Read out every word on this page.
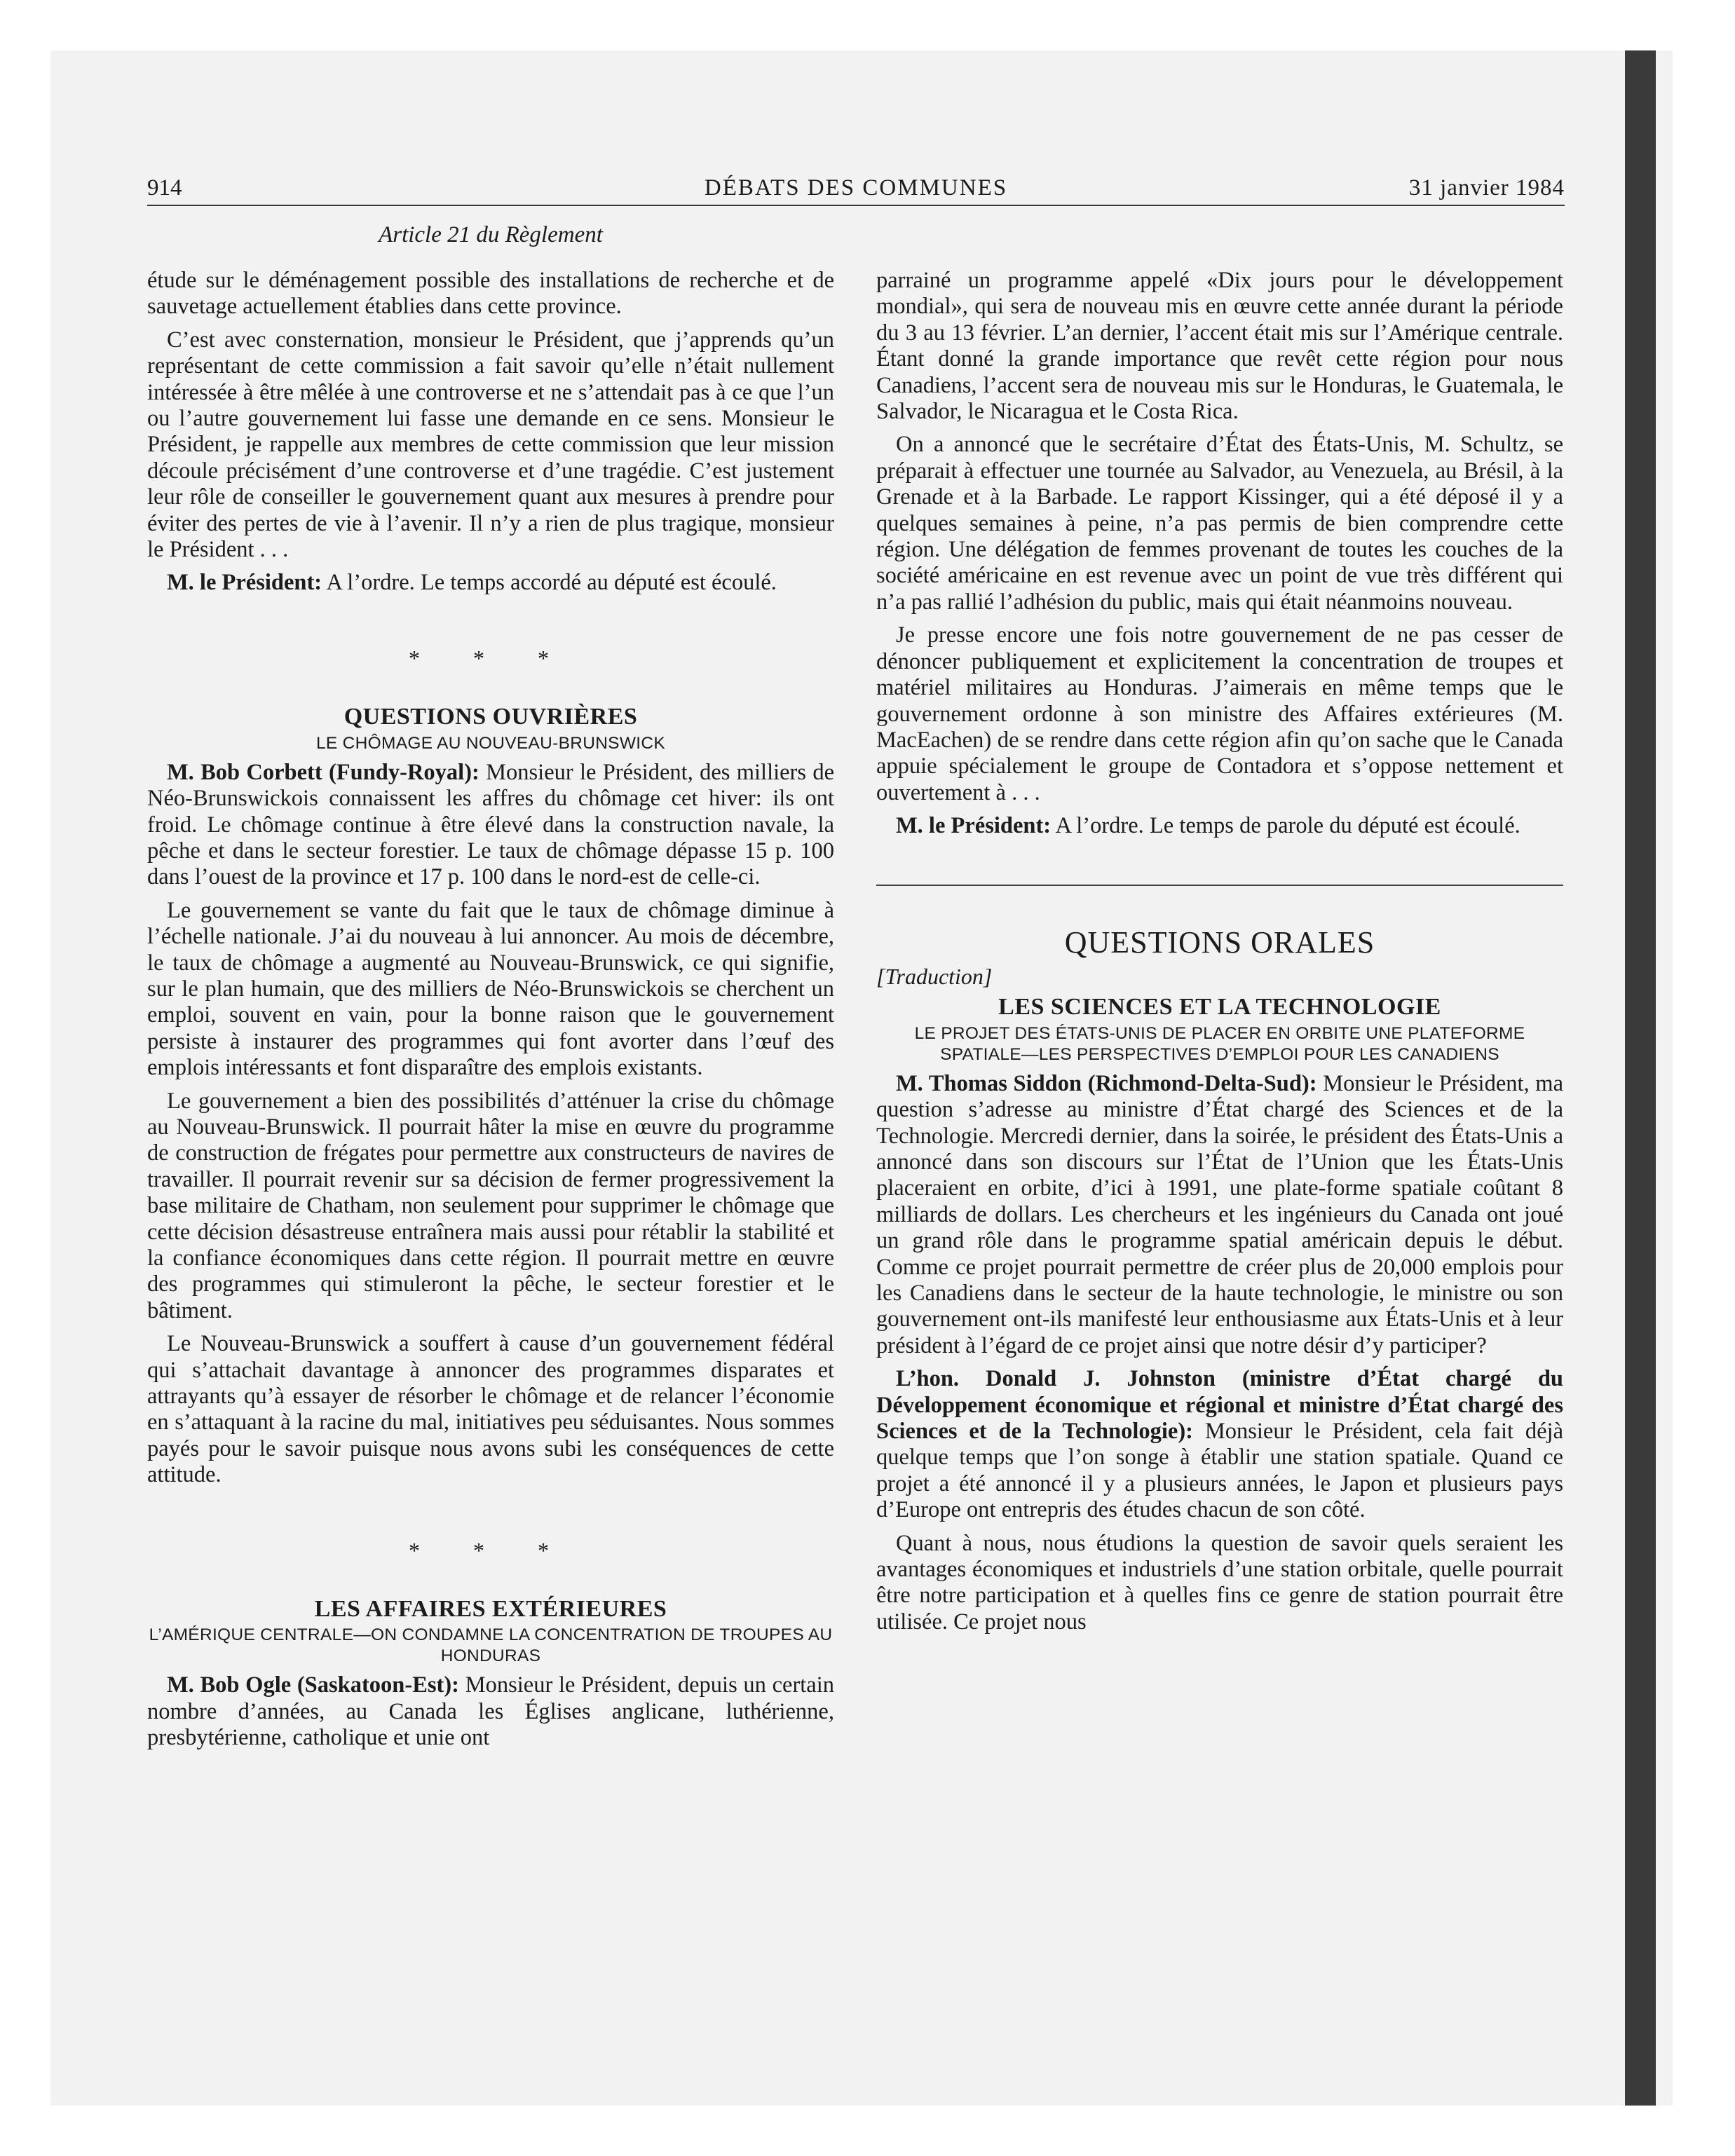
914	DÉBATS DES COMMUNES	31 janvier 1984
Article 21 du Règlement

étude sur le déménagement possible des installations de recherche et de sauvetage actuellement établies dans cette province.

C’est avec consternation, monsieur le Président, que j’apprends qu’un représentant de cette commission a fait savoir qu’elle n’était nullement intéressée à être mêlée à une controverse et ne s’attendait pas à ce que l’un ou l’autre gouvernement lui fasse une demande en ce sens. Monsieur le Président, je rappelle aux membres de cette commission que leur mission découle précisément d’une controverse et d’une tragédie. C’est justement leur rôle de conseiller le gouvernement quant aux mesures à prendre pour éviter des pertes de vie à l’avenir. Il n’y a rien de plus tragique, monsieur le Président . . .

M. le Président: A l’ordre. Le temps accordé au député est écoulé.

* * *
QUESTIONS OUVRIÈRES
LE CHÔMAGE AU NOUVEAU-BRUNSWICK

M. Bob Corbett (Fundy-Royal): Monsieur le Président, des milliers de Néo-Brunswickois connaissent les affres du chômage cet hiver: ils ont froid. Le chômage continue à être élevé dans la construction navale, la pêche et dans le secteur forestier. Le taux de chômage dépasse 15 p. 100 dans l’ouest de la province et 17 p. 100 dans le nord-est de celle-ci.

Le gouvernement se vante du fait que le taux de chômage diminue à l’échelle nationale. J’ai du nouveau à lui annoncer. Au mois de décembre, le taux de chômage a augmenté au Nouveau-Brunswick, ce qui signifie, sur le plan humain, que des milliers de Néo-Brunswickois se cherchent un emploi, souvent en vain, pour la bonne raison que le gouvernement persiste à instaurer des programmes qui font avorter dans l’œuf des emplois intéressants et font disparaître des emplois existants.

Le gouvernement a bien des possibilités d’atténuer la crise du chômage au Nouveau-Brunswick. Il pourrait hâter la mise en œuvre du programme de construction de frégates pour permettre aux constructeurs de navires de travailler. Il pourrait revenir sur sa décision de fermer progressivement la base militaire de Chatham, non seulement pour supprimer le chômage que cette décision désastreuse entraînera mais aussi pour rétablir la stabilité et la confiance économiques dans cette région. Il pourrait mettre en œuvre des programmes qui stimuleront la pêche, le secteur forestier et le bâtiment.

Le Nouveau-Brunswick a souffert à cause d’un gouvernement fédéral qui s’attachait davantage à annoncer des programmes disparates et attrayants qu’à essayer de résorber le chômage et de relancer l’économie en s’attaquant à la racine du mal, initiatives peu séduisantes. Nous sommes payés pour le savoir puisque nous avons subi les conséquences de cette attitude.

* * *
LES AFFAIRES EXTÉRIEURES
L’AMÉRIQUE CENTRALE—ON CONDAMNE LA CONCENTRATION DE TROUPES AU HONDURAS

M. Bob Ogle (Saskatoon-Est): Monsieur le Président, depuis un certain nombre d’années, au Canada les Églises anglicane, luthérienne, presbytérienne, catholique et unie ont

parrainé un programme appelé «Dix jours pour le développement mondial», qui sera de nouveau mis en œuvre cette année durant la période du 3 au 13 février. L’an dernier, l’accent était mis sur l’Amérique centrale. Étant donné la grande importance que revêt cette région pour nous Canadiens, l’accent sera de nouveau mis sur le Honduras, le Guatemala, le Salvador, le Nicaragua et le Costa Rica.

On a annoncé que le secrétaire d’État des États-Unis, M. Schultz, se préparait à effectuer une tournée au Salvador, au Venezuela, au Brésil, à la Grenade et à la Barbade. Le rapport Kissinger, qui a été déposé il y a quelques semaines à peine, n’a pas permis de bien comprendre cette région. Une délégation de femmes provenant de toutes les couches de la société américaine en est revenue avec un point de vue très différent qui n’a pas rallié l’adhésion du public, mais qui était néanmoins nouveau.

Je presse encore une fois notre gouvernement de ne pas cesser de dénoncer publiquement et explicitement la concentration de troupes et matériel militaires au Honduras. J’aimerais en même temps que le gouvernement ordonne à son ministre des Affaires extérieures (M. MacEachen) de se rendre dans cette région afin qu’on sache que le Canada appuie spécialement le groupe de Contadora et s’oppose nettement et ouvertement à . . .

M. le Président: A l’ordre. Le temps de parole du député est écoulé.

QUESTIONS ORALES
[Traduction]
LES SCIENCES ET LA TECHNOLOGIE
LE PROJET DES ÉTATS-UNIS DE PLACER EN ORBITE UNE PLATEFORME SPATIALE—LES PERSPECTIVES D’EMPLOI POUR LES CANADIENS

M. Thomas Siddon (Richmond-Delta-Sud): Monsieur le Président, ma question s’adresse au ministre d’État chargé des Sciences et de la Technologie. Mercredi dernier, dans la soirée, le président des États-Unis a annoncé dans son discours sur l’État de l’Union que les États-Unis placeraient en orbite, d’ici à 1991, une plate-forme spatiale coûtant 8 milliards de dollars. Les chercheurs et les ingénieurs du Canada ont joué un grand rôle dans le programme spatial américain depuis le début. Comme ce projet pourrait permettre de créer plus de 20,000 emplois pour les Canadiens dans le secteur de la haute technologie, le ministre ou son gouvernement ont-ils manifesté leur enthousiasme aux États-Unis et à leur président à l’égard de ce projet ainsi que notre désir d’y participer?

L’hon. Donald J. Johnston (ministre d’État chargé du Développement économique et régional et ministre d’État chargé des Sciences et de la Technologie): Monsieur le Président, cela fait déjà quelque temps que l’on songe à établir une station spatiale. Quand ce projet a été annoncé il y a plusieurs années, le Japon et plusieurs pays d’Europe ont entrepris des études chacun de son côté.

Quant à nous, nous étudions la question de savoir quels seraient les avantages économiques et industriels d’une station orbitale, quelle pourrait être notre participation et à quelles fins ce genre de station pourrait être utilisée. Ce projet nous
